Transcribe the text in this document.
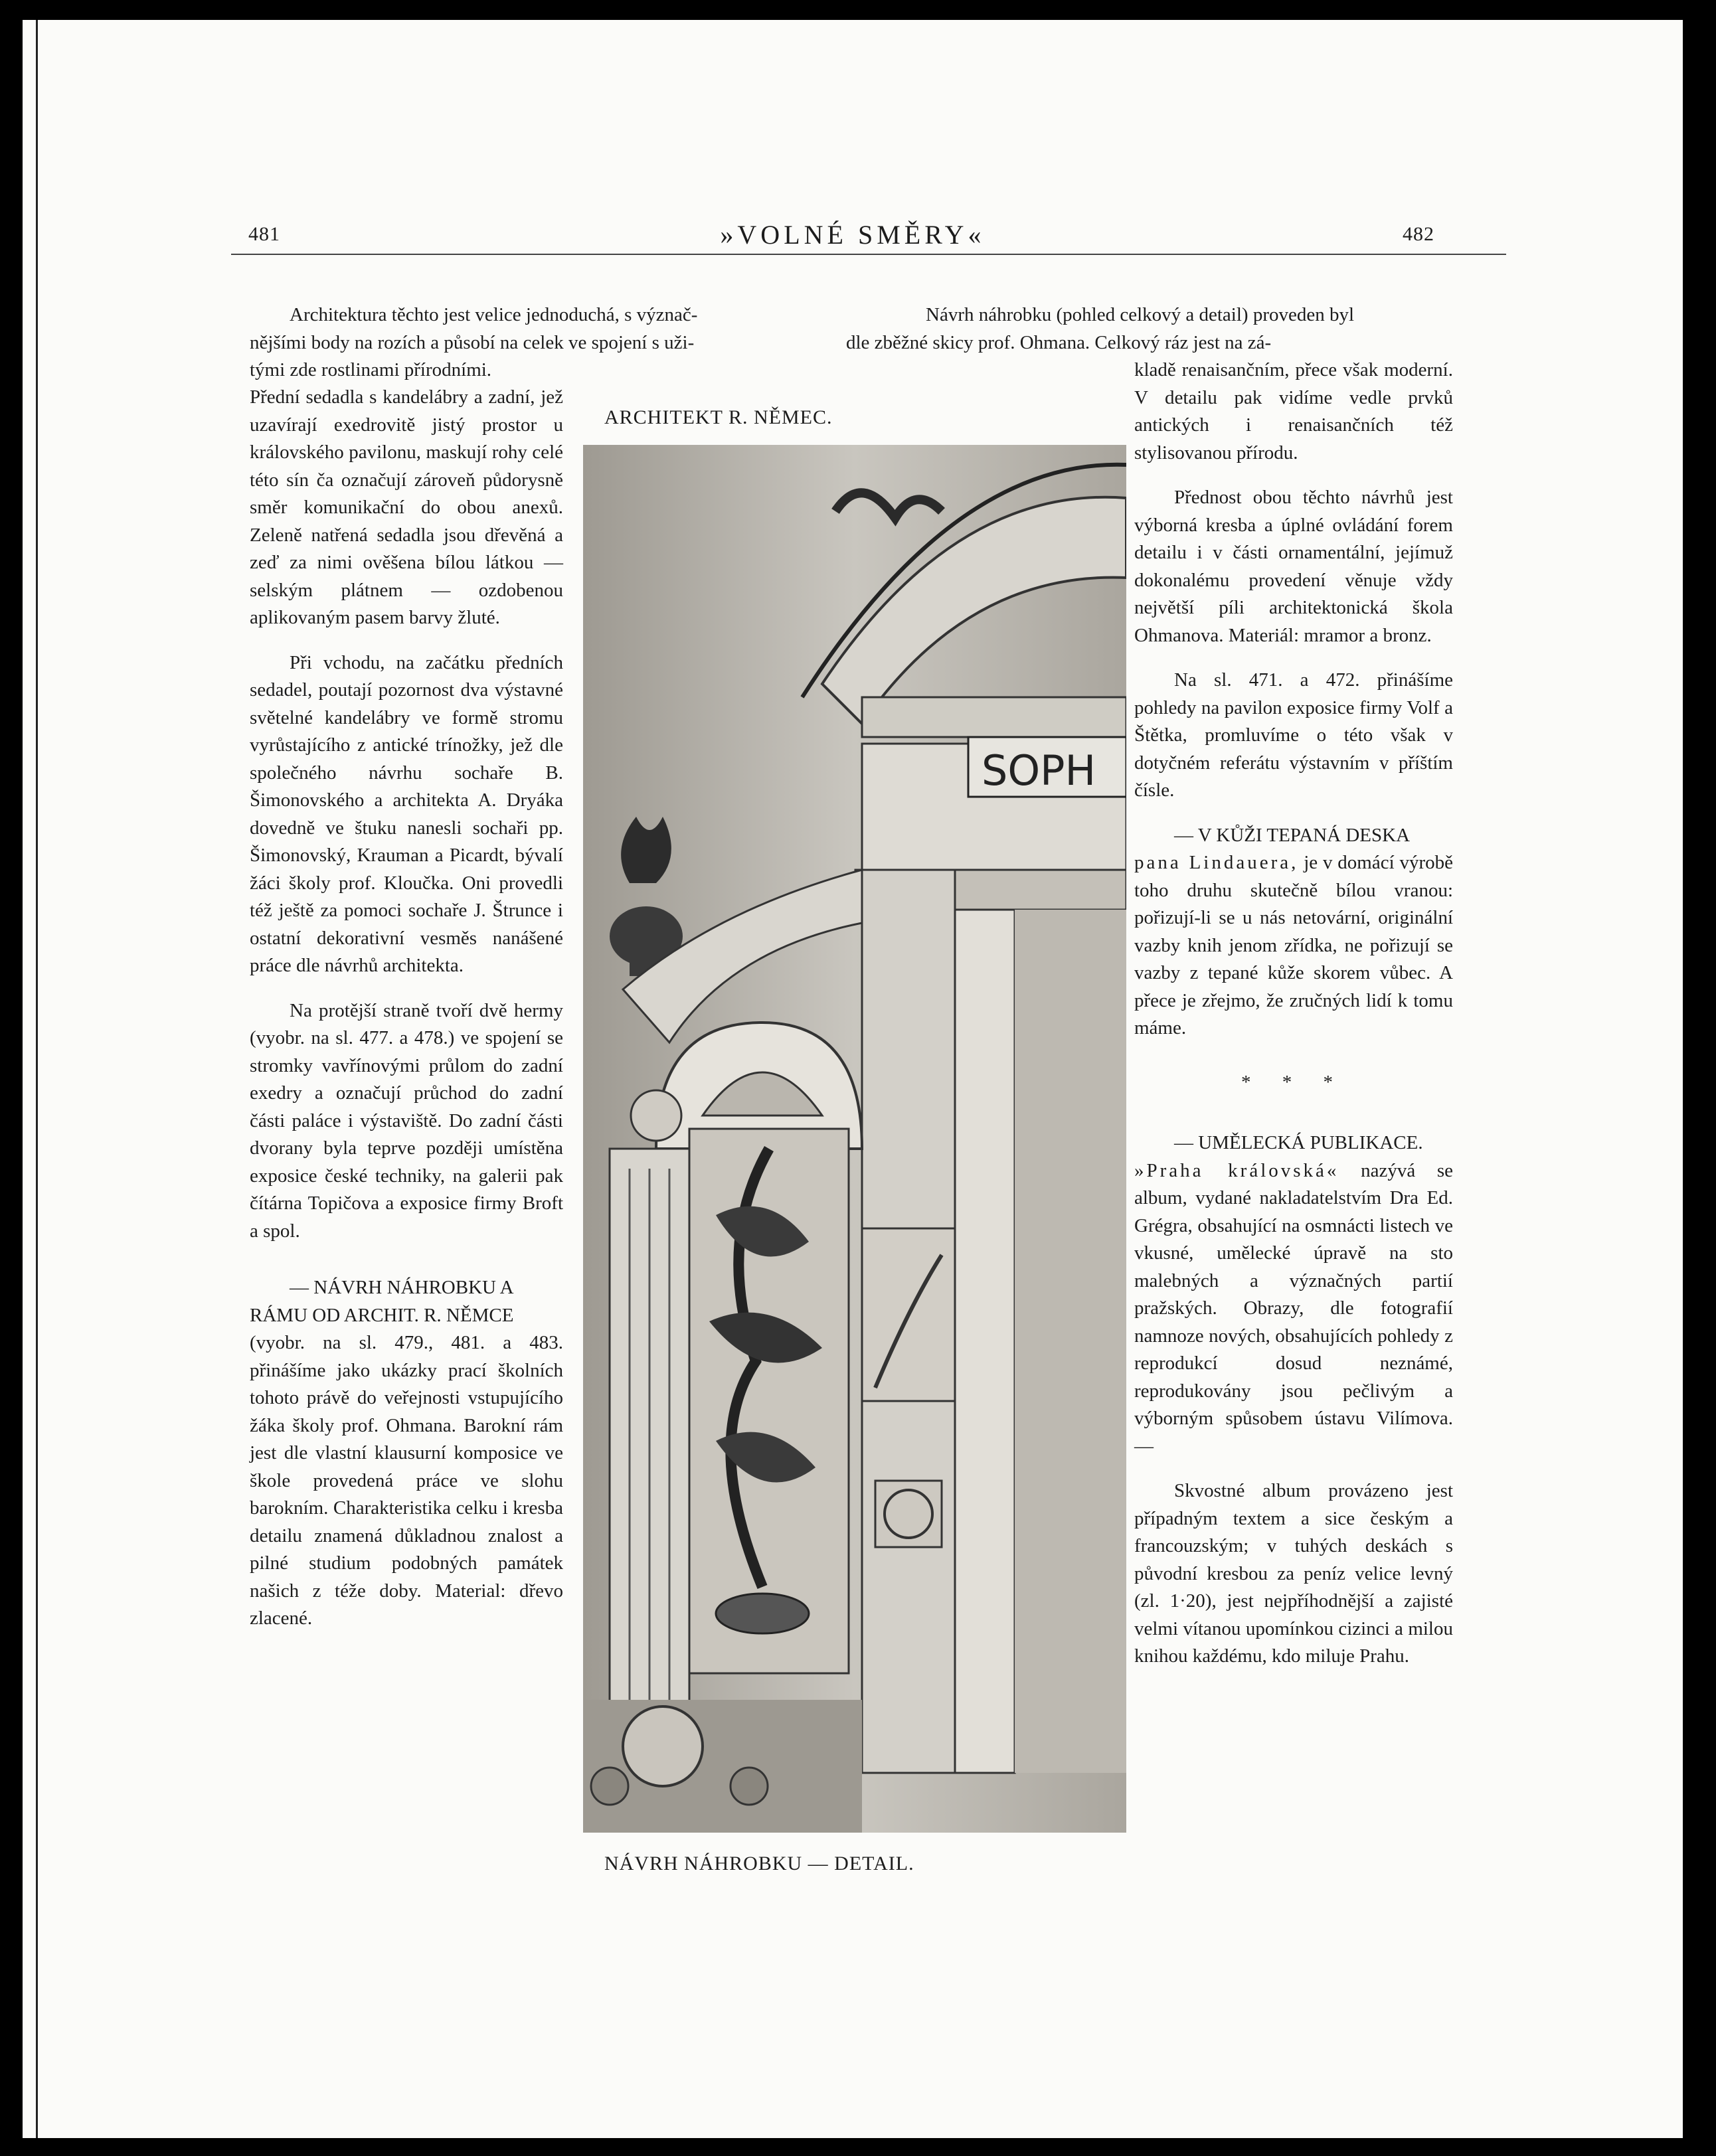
481	»VOLNÉ SMĚRY«	482
Architektura těchto jest velice jednoduchá, s význač-
nějšími body na rozích a působí na celek ve spojení s uži-
tými zde rostlinami přírodními.

Přední sedadla s kandelábry a zadní, jež uzavírají exedrovitě jistý prostor u královského pavilonu, maskují rohy celé této sín ča označují zároveň půdorysně směr komunikační do obou anexů. Zeleně natřená sedadla jsou dřevěná a zeď za nimi ověšena bílou látkou — selským plátnem — ozdobenou aplikovaným pasem barvy žluté.

Při vchodu, na začátku předních sedadel, poutají pozornost dva výstavné světelné kandelábry ve formě stromu vyrůstajícího z antické trínožky, jež dle společného návrhu sochaře B. Šimonovského a architekta A. Dryáka dovedně ve štuku nanesli sochaři pp. Šimonovský, Krauman a Picardt, bývalí žáci školy prof. Kloučka. Oni provedli též ještě za pomoci sochaře J. Štrunce i ostatní dekorativní vesměs nanášené práce dle návrhů architekta.

Na protější straně tvoří dvě hermy (vyobr. na sl. 477. a 478.) ve spojení se stromky vavřínovými průlom do zadní exedry a označují průchod do zadní části paláce i výstaviště. Do zadní části dvorany byla teprve později umístěna exposice české techniky, na galerii pak čítárna Topičova a exposice firmy Broft a spol.

— NÁVRH NÁHROBKU A RÁMU OD ARCHIT. R. NĚMCE

(vyobr. na sl. 479., 481. a 483. přinášíme jako ukázky prací školních tohoto právě do veřejnosti vstupujícího žáka školy prof. Ohmana. Barokní rám jest dle vlastní klausurní komposice ve škole provedená práce ve slohu barokním. Charakteristika celku i kresba detailu znamená důkladnou znalost a pilné studium podobných památek našich z téže doby. Material: dřevo zlacené.

ARCHITEKT R. NĚMEC.
SOPH
NÁVRH NÁHROBKU — DETAIL.
Návrh náhrobku (pohled celkový a detail) proveden byl
dle zběžné skicy prof. Ohmana. Celkový ráz jest na zá-

kladě renaisančním, přece však moderní. V detailu pak vidíme vedle prvků antických i renaisančních též stylisovanou přírodu.

Přednost obou těchto návrhů jest výborná kresba a úplné ovládání forem detailu i v části ornamentální, jejímuž dokonalému provedení věnuje vždy největší píli architektonická škola Ohmanova. Materiál: mramor a bronz.

Na sl. 471. a 472. přinášíme pohledy na pavilon exposice firmy Volf a Štětka, promluvíme o této však v dotyčném referátu výstavním v příštím čísle.

— V KŮŽI TEPANÁ DESKA

pana Lindauera, je v domácí výrobě toho druhu skutečně bílou vranou: pořizují-li se u nás netovární, originální vazby knih jenom zřídka, ne pořizují se vazby z tepané kůže skorem vůbec. A přece je zřejmo, že zručných lidí k tomu máme.

* * *

— UMĚLECKÁ PUBLIKACE.

»Praha královská« nazývá se album, vydané nakladatelstvím Dra Ed. Grégra, obsahující na osmnácti listech ve vkusné, umělecké úpravě na sto malebných a význačných partií pražských. Obrazy, dle fotografií namnoze nových, obsahujících pohledy z reprodukcí dosud neznámé, reprodukovány jsou pečlivým a výborným spůsobem ústavu Vilímova. —

Skvostné album provázeno jest případným textem a sice českým a francouzským; v tuhých deskách s původní kresbou za peníz velice levný (zl. 1·20), jest nejpříhodnější a zajisté velmi vítanou upomínkou cizinci a milou knihou každému, kdo miluje Prahu.
